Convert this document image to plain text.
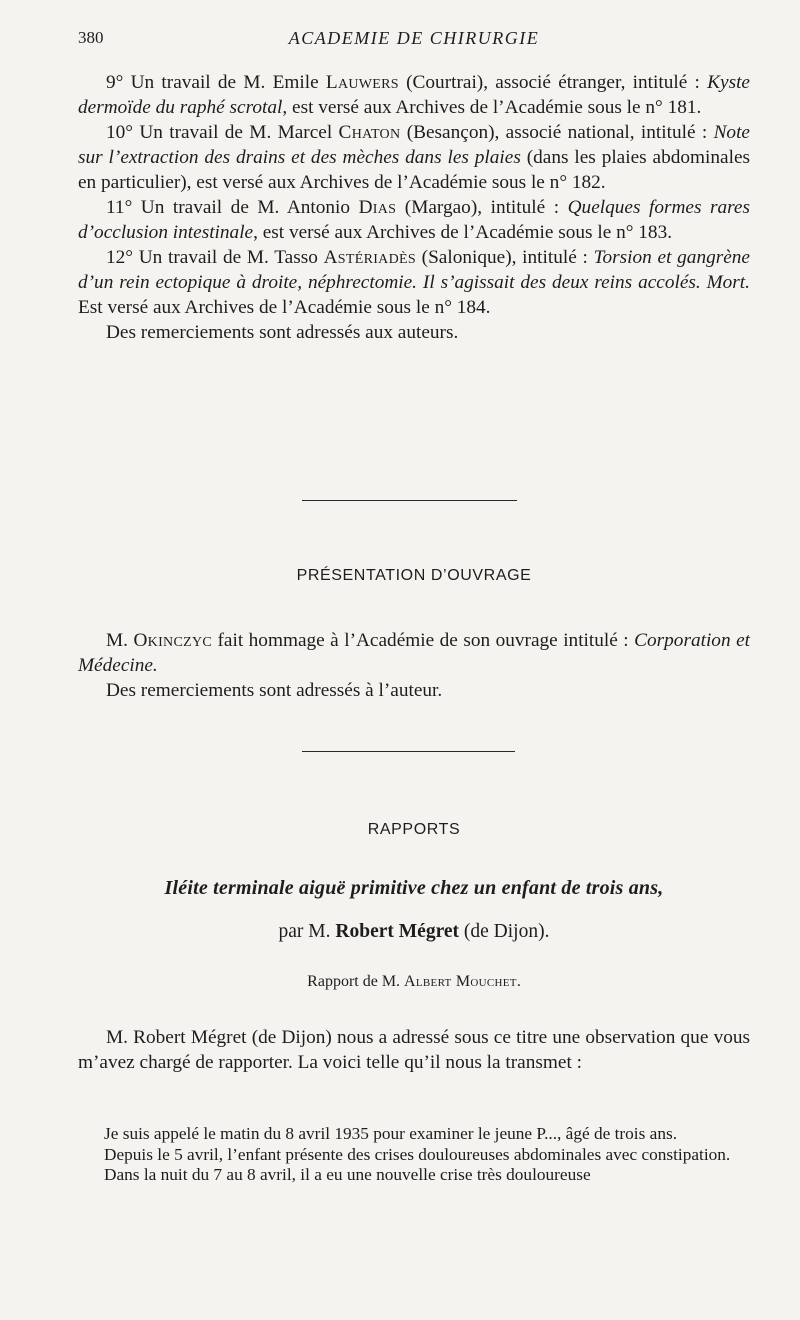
380	ACADEMIE DE CHIRURGIE

9° Un travail de M. Emile Lauwers (Courtrai), associé étranger, intitulé : Kyste dermoïde du raphé scrotal, est versé aux Archives de l’Académie sous le n° 181.

10° Un travail de M. Marcel Chaton (Besançon), associé national, intitulé : Note sur l’extraction des drains et des mèches dans les plaies (dans les plaies abdominales en particulier), est versé aux Archives de l’Académie sous le n° 182.

11° Un travail de M. Antonio Dias (Margao), intitulé : Quelques formes rares d’occlusion intestinale, est versé aux Archives de l’Académie sous le n° 183.

12° Un travail de M. Tasso Astériadès (Salonique), intitulé : Torsion et gangrène d’un rein ectopique à droite, néphrectomie. Il s’agissait des deux reins accolés. Mort. Est versé aux Archives de l’Académie sous le n° 184.

Des remerciements sont adressés aux auteurs.

PRÉSENTATION D’OUVRAGE

M. Okinczyc fait hommage à l’Académie de son ouvrage intitulé : Corporation et Médecine.

Des remerciements sont adressés à l’auteur.

RAPPORTS
Iléite terminale aiguë primitive chez un enfant de trois ans,
par M. Robert Mégret (de Dijon).
Rapport de M. Albert Mouchet.

M. Robert Mégret (de Dijon) nous a adressé sous ce titre une observation que vous m’avez chargé de rapporter. La voici telle qu’il nous la transmet :

Je suis appelé le matin du 8 avril 1935 pour examiner le jeune P..., âgé de trois ans.

Depuis le 5 avril, l’enfant présente des crises douloureuses abdominales avec constipation.

Dans la nuit du 7 au 8 avril, il a eu une nouvelle crise très douloureuse
